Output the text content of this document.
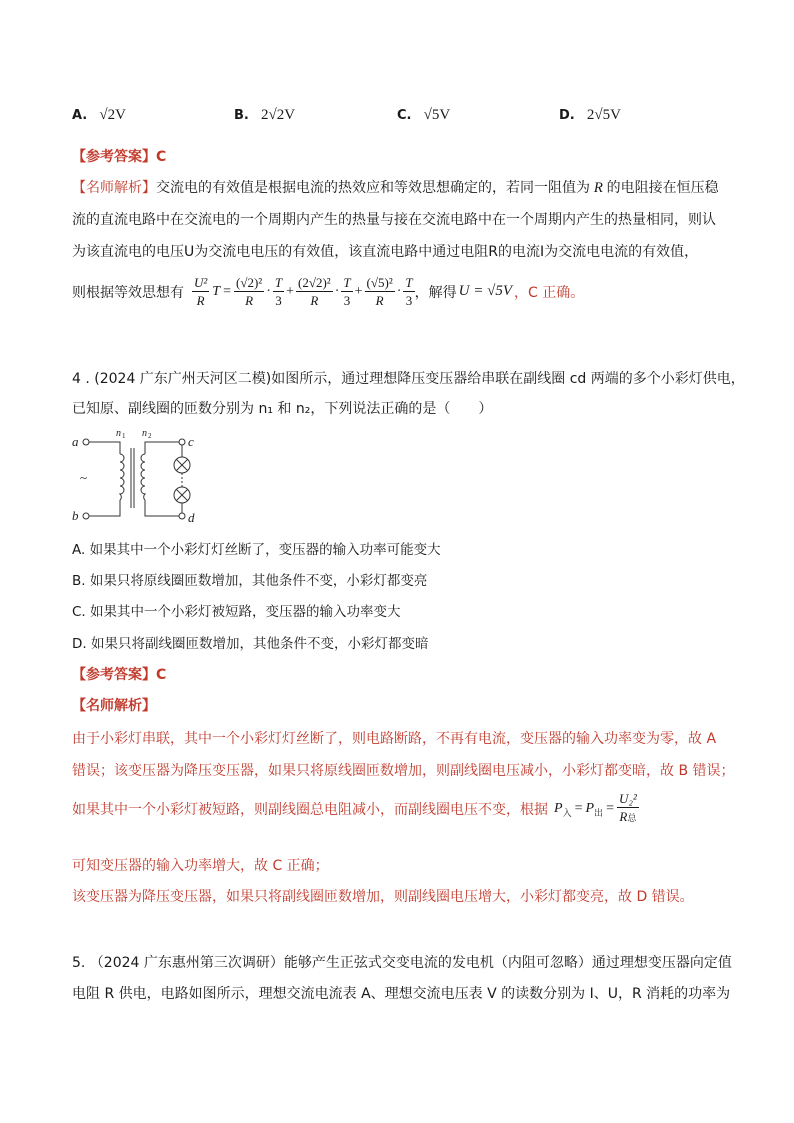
A. √2V	B. 2√2V	C. √5V	D. 2√5V
【参考答案】C
【名师解析】交流电的有效值是根据电流的热效应和等效思想确定的，若同一阻值为 R 的电阻接在恒压稳
流的直流电路中在交流电的一个周期内产生的热量与接在交流电路中在一个周期内产生的热量相同，则认
为该直流电的电压U为交流电电压的有效值，该直流电路中通过电阻R的电流I为交流电电流的有效值，
则根据等效思想有 $\frac{\text{U²}}{R}$ $T = \frac{\text{(√2)²}}{R} \cdot \frac{T}{3} + \frac{\text{(2√2)²}}{R} \cdot \frac{T}{3} + \frac{\text{(√5)²}}{R} \cdot \frac{T}{3}$ ，解得 U = √5V ，C 正确。
4 . (2024 广东广州天河区二模)如图所示，通过理想降压变压器给串联在副线圈 cd 两端的多个小彩灯供电，
已知原、副线圈的匝数分别为 n₁ 和 n₂，下列说法正确的是（　　）
a
b
c
d
n 1 n 2
~
A. 如果其中一个小彩灯灯丝断了，变压器的输入功率可能变大
B. 如果只将原线圈匝数增加，其他条件不变，小彩灯都变亮
C. 如果其中一个小彩灯被短路，变压器的输入功率变大
D. 如果只将副线圈匝数增加，其他条件不变，小彩灯都变暗
【参考答案】C
【名师解析】
由于小彩灯串联，其中一个小彩灯灯丝断了，则电路断路，不再有电流，变压器的输入功率变为零，故 A
错误；该变压器为降压变压器，如果只将原线圈匝数增加，则副线圈电压减小，小彩灯都变暗，故 B 错误；
如果其中一个小彩灯被短路，则副线圈总电阻减小，而副线圈电压不变，根据 P 入 = P 出 = $\frac{\text{U₂²}}{\text{R总}}$
可知变压器的输入功率增大，故 C 正确；
该变压器为降压变压器，如果只将副线圈匝数增加，则副线圈电压增大，小彩灯都变亮，故 D 错误。
5. （2024 广东惠州第三次调研）能够产生正弦式交变电流的发电机（内阻可忽略）通过理想变压器向定值
电阻 R 供电，电路如图所示，理想交流电流表 A、理想交流电压表 V 的读数分别为 I、U，R 消耗的功率为
